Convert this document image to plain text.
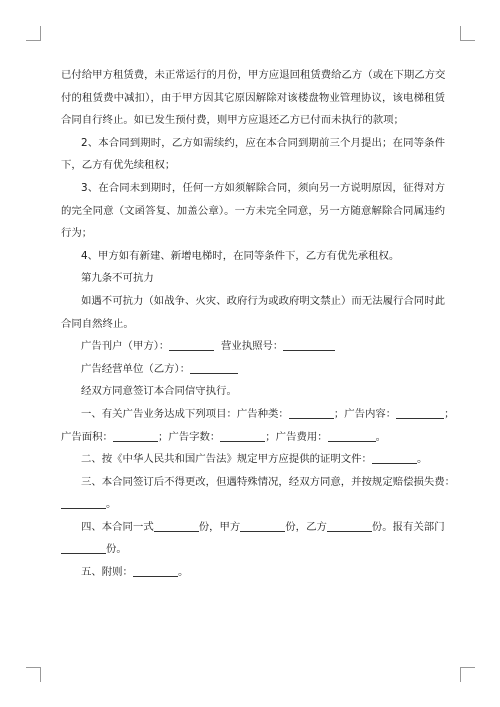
已付给甲方租赁费，未正常运行的月份，甲方应退回租赁费给乙方（或在下期乙方交
付的租赁费中减扣），由于甲方因其它原因解除对该楼盘物业管理协议，该电梯租赁
合同自行终止。如已发生预付费，则甲方应退还乙方已付而未执行的款项；
2、本合同到期时，乙方如需续约，应在本合同到期前三个月提出；在同等条件
下，乙方有优先续租权；
3、在合同未到期时，任何一方如须解除合同，须向另一方说明原因，征得对方
的完全同意（文函答复、加盖公章）。一方未完全同意，另一方随意解除合同属违约
行为；
4、甲方如有新建、新增电梯时，在同等条件下，乙方有优先承租权。
第九条不可抗力
如遇不可抗力（如战争、火灾、政府行为或政府明文禁止）而无法履行合同时此
合同自然终止。
广告刊户（甲方）：	营业执照号：
广告经营单位（乙方）：
经双方同意签订本合同信守执行。
一、有关广告业务达成下列项目：广告种类：	；广告内容：	；
广告面积：	；广告字数：	；广告费用：	。
二、按《中华人民共和国广告法》规定甲方应提供的证明文件：	。
三、本合同签订后不得更改，但遇特殊情况，经双方同意，并按规定赔偿损失费：
。
四、本合同一式	份，甲方	份，乙方	份。报有关部门
份。
五、附则：	。
